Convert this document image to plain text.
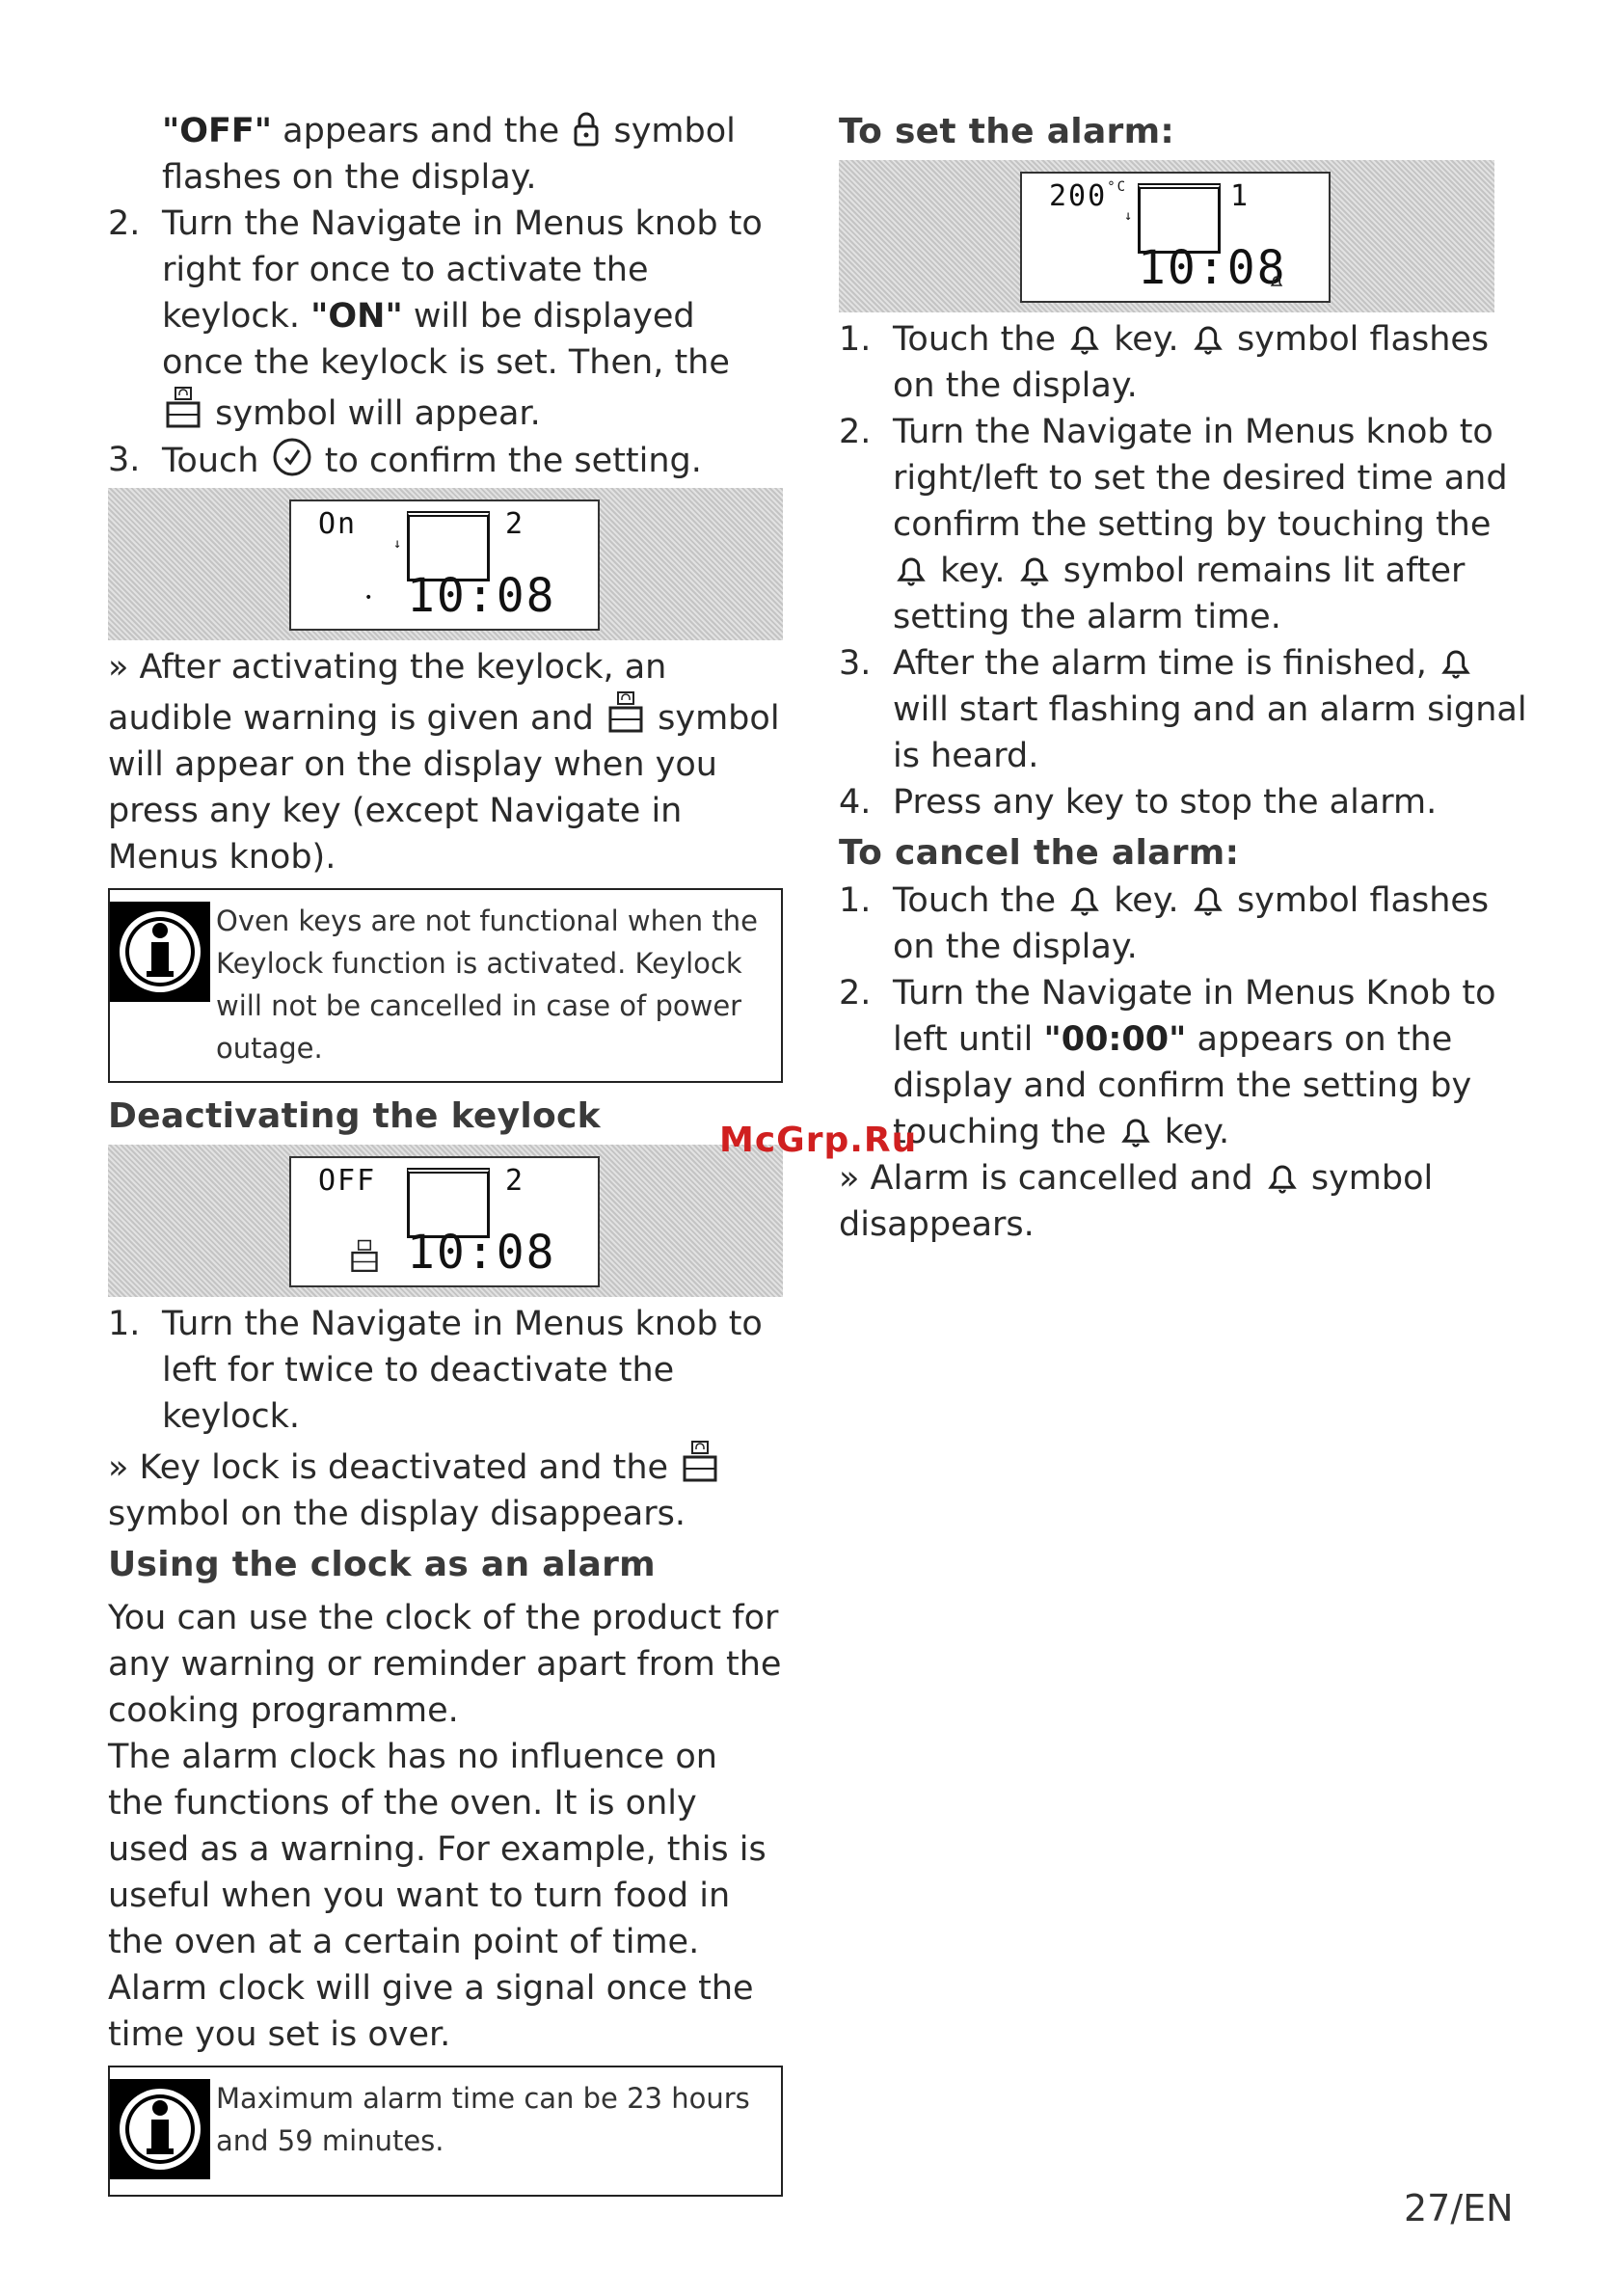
"OFF" appears and the  symbol

flashes on the display.

2. Turn the Navigate in Menus knob to right for once to activate the keylock. "ON" will be displayed once the keylock is set. Then, the  symbol will appear.
3. Touch  to confirm the setting.
On	2
↓
• 10:08

» After activating the keylock, an audible warning is given and  symbol will appear on the display when you press any key (except Navigate in Menus knob).

Oven keys are not functional when the Keylock function is activated. Keylock will not be cancelled in case of power outage.

Deactivating the keylock

OFF	2
10:08
1. Turn the Navigate in Menus knob to left for twice to deactivate the keylock.

» Key lock is deactivated and the  symbol on the display disappears.

Using the clock as an alarm

You can use the clock of the product for any warning or reminder apart from the cooking programme.

The alarm clock has no influence on the functions of the oven. It is only used as a warning. For example, this is useful when you want to turn food in the oven at a certain point of time. Alarm clock will give a signal once the time you set is over.

Maximum alarm time can be 23 hours and 59 minutes.

To set the alarm:

$200^{^\circ C}$	1
↓
10:08
1. Touch the  key.  symbol flashes on the display.
2. Turn the Navigate in Menus knob to right/left to set the desired time and confirm the setting by touching the  key.  symbol remains lit after setting the alarm time.
3. After the alarm time is finished,  will start flashing and an alarm signal is heard.
4. Press any key to stop the alarm.

To cancel the alarm:

1. Touch the  key.  symbol flashes on the display.
2. Turn the Navigate in Menus Knob to left until "00:00" appears on the display and confirm the setting by touching the  key.

» Alarm is cancelled and  symbol disappears.

McGrp.Ru
27/EN
